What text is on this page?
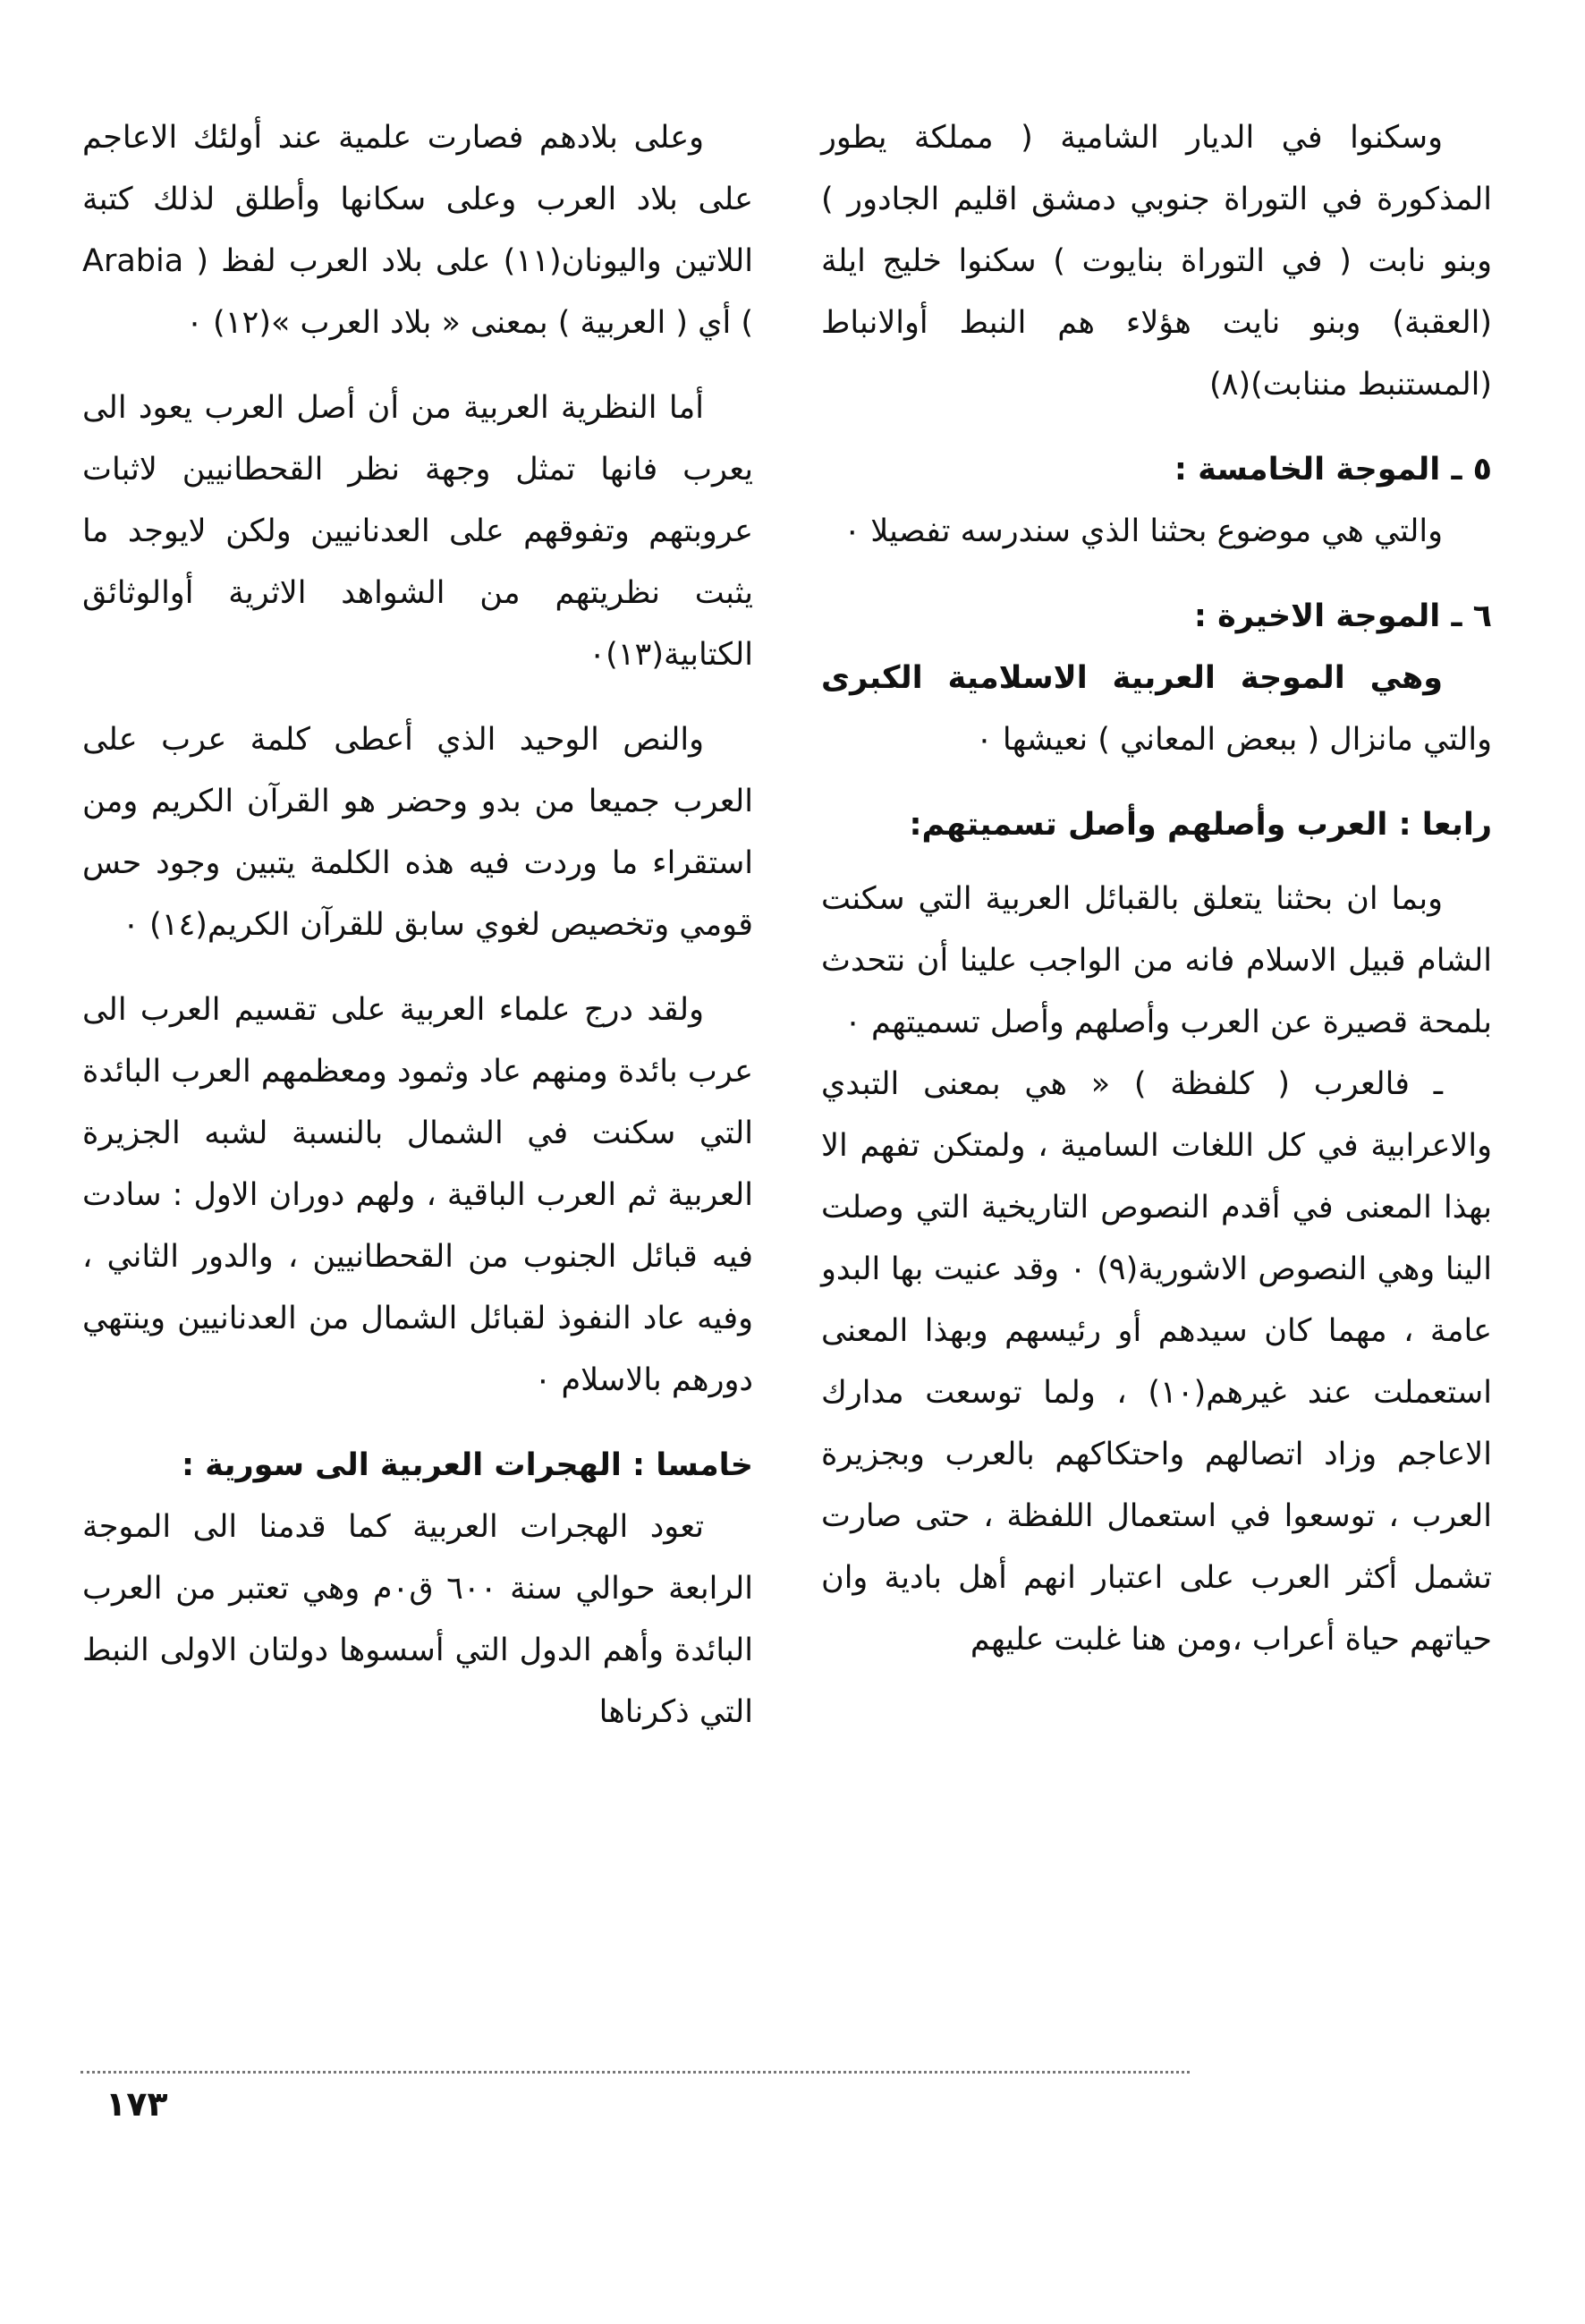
وسكنوا في الديار الشامية ( مملكة يطور المذكورة في التوراة جنوبي دمشق اقليم الجادور ) وبنو نابت ( في التوراة بنايوت ) سكنوا خليج ايلة (العقبة) وبنو نايت هؤلاء هم النبط أوالانباط (المستنبط مننابت)(٨)

٥ ـ الموجة الخامسة :

والتي هي موضوع بحثنا الذي سندرسه تفصيلا ٠

٦ ـ الموجة الاخيرة :

وهي الموجة العربية الاسلامية الكبرى والتي مانزال ( ببعض المعاني ) نعيشها ٠

رابعا : العرب وأصلهم وأصل تسميتهم:

وبما ان بحثنا يتعلق بالقبائل العربية التي سكنت الشام قبيل الاسلام فانه من الواجب علينا أن نتحدث بلمحة قصيرة عن العرب وأصلهم وأصل تسميتهم ٠

ـ فالعرب ( كلفظة ) « هي بمعنى التبدي والاعرابية في كل اللغات السامية ، ولمتكن تفهم الا بهذا المعنى في أقدم النصوص التاريخية التي وصلت الينا وهي النصوص الاشورية(٩) ٠ وقد عنيت بها البدو عامة ، مهما كان سيدهم أو رئيسهم وبهذا المعنى استعملت عند غيرهم(١٠) ، ولما توسعت مدارك الاعاجم وزاد اتصالهم واحتكاكهم بالعرب وبجزيرة العرب ، توسعوا في استعمال اللفظة ، حتى صارت تشمل أكثر العرب على اعتبار انهم أهل بادية وان حياتهم حياة أعراب ،ومن هنا غلبت عليهم

وعلى بلادهم فصارت علمية عند أولئك الاعاجم على بلاد العرب وعلى سكانها وأطلق لذلك كتبة اللاتين واليونان(١١) على بلاد العرب لفظ ( Arabia ) أي ( العربية ) بمعنى « بلاد العرب »(١٢) ٠

أما النظرية العربية من أن أصل العرب يعود الى يعرب فانها تمثل وجهة نظر القحطانيين لاثبات عروبتهم وتفوقهم على العدنانيين ولكن لايوجد ما يثبت نظريتهم من الشواهد الاثرية أوالوثائق الكتابية(١٣)٠

والنص الوحيد الذي أعطى كلمة عرب على العرب جميعا من بدو وحضر هو القرآن الكريم ومن استقراء ما وردت فيه هذه الكلمة يتبين وجود حس قومي وتخصيص لغوي سابق للقرآن الكريم(١٤) ٠

ولقد درج علماء العربية على تقسيم العرب الى عرب بائدة ومنهم عاد وثمود ومعظمهم العرب البائدة التي سكنت في الشمال بالنسبة لشبه الجزيرة العربية ثم العرب الباقية ، ولهم دوران الاول : سادت فيه قبائل الجنوب من القحطانيين ، والدور الثاني ، وفيه عاد النفوذ لقبائل الشمال من العدنانيين وينتهي دورهم بالاسلام ٠

خامسا : الهجرات العربية الى سورية :

تعود الهجرات العربية كما قدمنا الى الموجة الرابعة حوالي سنة ٦٠٠ ق٠م وهي تعتبر من العرب البائدة وأهم الدول التي أسسوها دولتان الاولى النبط التي ذكرناها

١٧٣
